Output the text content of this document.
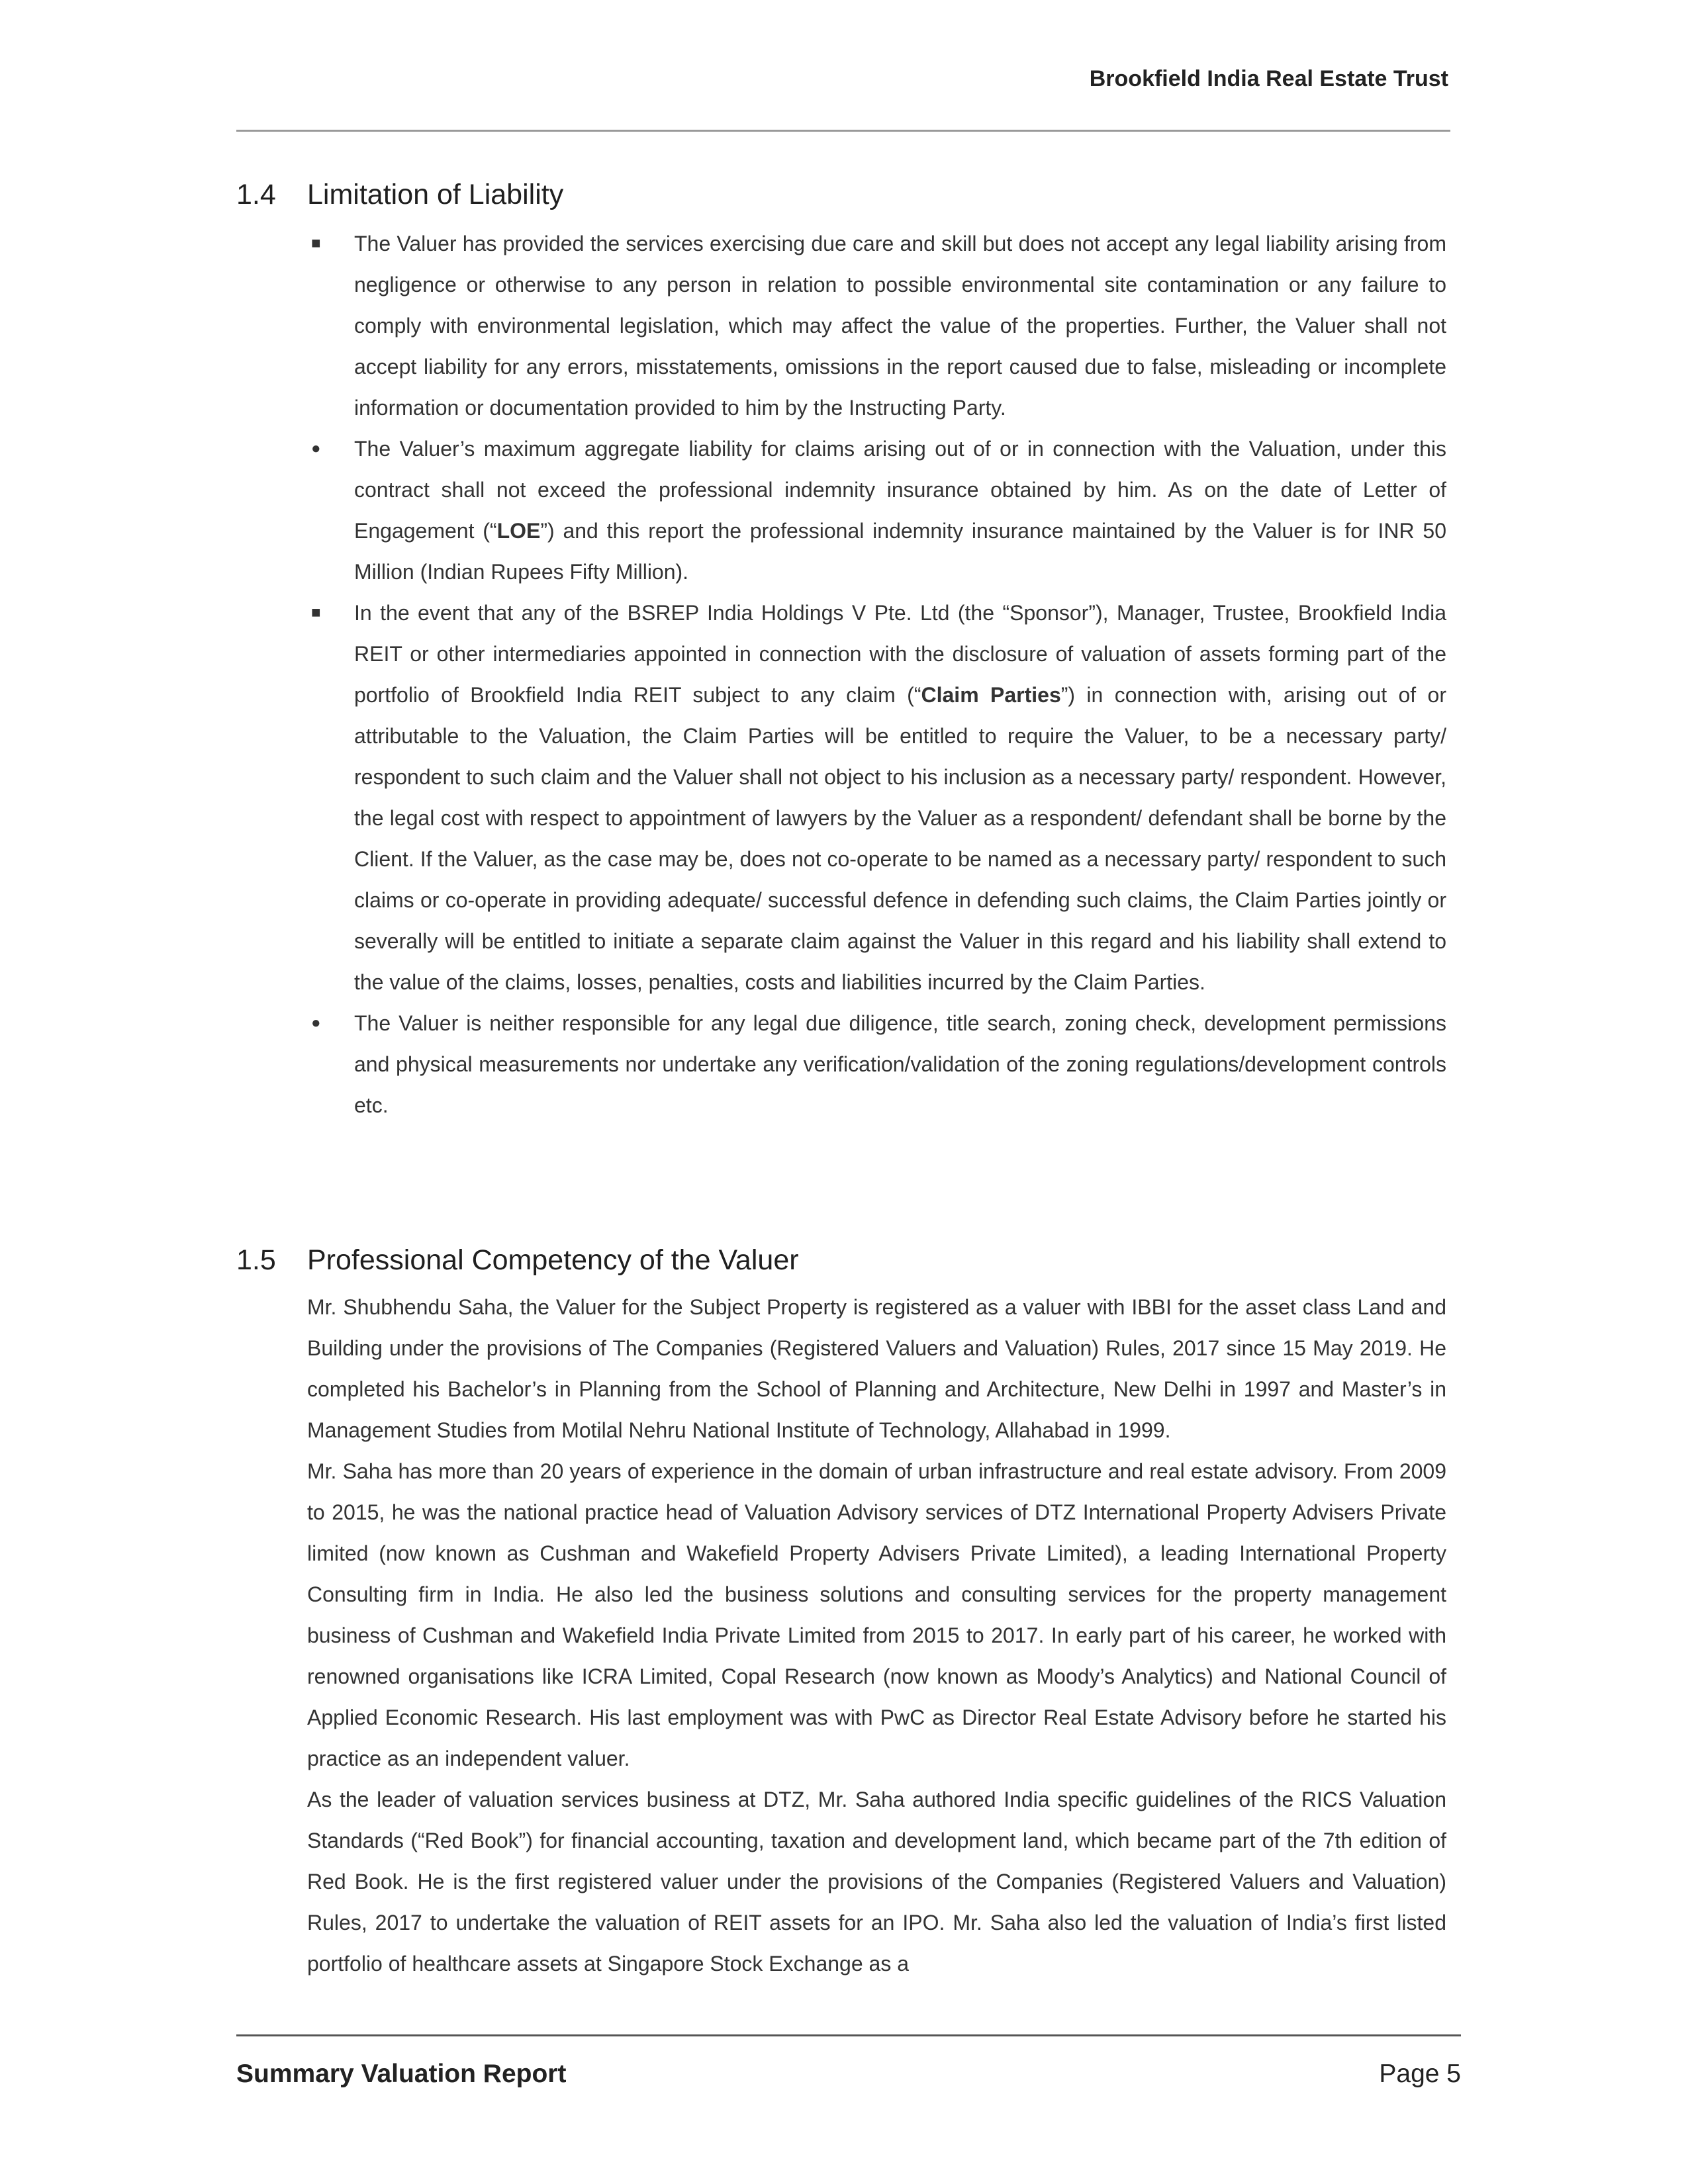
Brookfield India Real Estate Trust
1.4 Limitation of Liability
■ The Valuer has provided the services exercising due care and skill but does not accept any legal liability arising from negligence or otherwise to any person in relation to possible environmental site contamination or any failure to comply with environmental legislation, which may affect the value of the properties. Further, the Valuer shall not accept liability for any errors, misstatements, omissions in the report caused due to false, misleading or incomplete information or documentation provided to him by the Instructing Party.
● The Valuer’s maximum aggregate liability for claims arising out of or in connection with the Valuation, under this contract shall not exceed the professional indemnity insurance obtained by him. As on the date of Letter of Engagement (“LOE”) and this report the professional indemnity insurance maintained by the Valuer is for INR 50 Million (Indian Rupees Fifty Million).
■ In the event that any of the BSREP India Holdings V Pte. Ltd (the “Sponsor”), Manager, Trustee, Brookfield India REIT or other intermediaries appointed in connection with the disclosure of valuation of assets forming part of the portfolio of Brookfield India REIT subject to any claim (“Claim Parties”) in connection with, arising out of or attributable to the Valuation, the Claim Parties will be entitled to require the Valuer, to be a necessary party/ respondent to such claim and the Valuer shall not object to his inclusion as a necessary party/ respondent. However, the legal cost with respect to appointment of lawyers by the Valuer as a respondent/ defendant shall be borne by the Client. If the Valuer, as the case may be, does not co-operate to be named as a necessary party/ respondent to such claims or co-operate in providing adequate/ successful defence in defending such claims, the Claim Parties jointly or severally will be entitled to initiate a separate claim against the Valuer in this regard and his liability shall extend to the value of the claims, losses, penalties, costs and liabilities incurred by the Claim Parties.
● The Valuer is neither responsible for any legal due diligence, title search, zoning check, development permissions and physical measurements nor undertake any verification/validation of the zoning regulations/development controls etc.
1.5 Professional Competency of the Valuer

Mr. Shubhendu Saha, the Valuer for the Subject Property is registered as a valuer with IBBI for the asset class Land and Building under the provisions of The Companies (Registered Valuers and Valuation) Rules, 2017 since 15 May 2019. He completed his Bachelor’s in Planning from the School of Planning and Architecture, New Delhi in 1997 and Master’s in Management Studies from Motilal Nehru National Institute of Technology, Allahabad in 1999.

Mr. Saha has more than 20 years of experience in the domain of urban infrastructure and real estate advisory. From 2009 to 2015, he was the national practice head of Valuation Advisory services of DTZ International Property Advisers Private limited (now known as Cushman and Wakefield Property Advisers Private Limited), a leading International Property Consulting firm in India. He also led the business solutions and consulting services for the property management business of Cushman and Wakefield India Private Limited from 2015 to 2017. In early part of his career, he worked with renowned organisations like ICRA Limited, Copal Research (now known as Moody’s Analytics) and National Council of Applied Economic Research. His last employment was with PwC as Director Real Estate Advisory before he started his practice as an independent valuer.

As the leader of valuation services business at DTZ, Mr. Saha authored India specific guidelines of the RICS Valuation Standards (“Red Book”) for financial accounting, taxation and development land, which became part of the 7th edition of Red Book. He is the first registered valuer under the provisions of the Companies (Registered Valuers and Valuation) Rules, 2017 to undertake the valuation of REIT assets for an IPO. Mr. Saha also led the valuation of India’s first listed portfolio of healthcare assets at Singapore Stock Exchange as a

Summary Valuation Report	Page 5
